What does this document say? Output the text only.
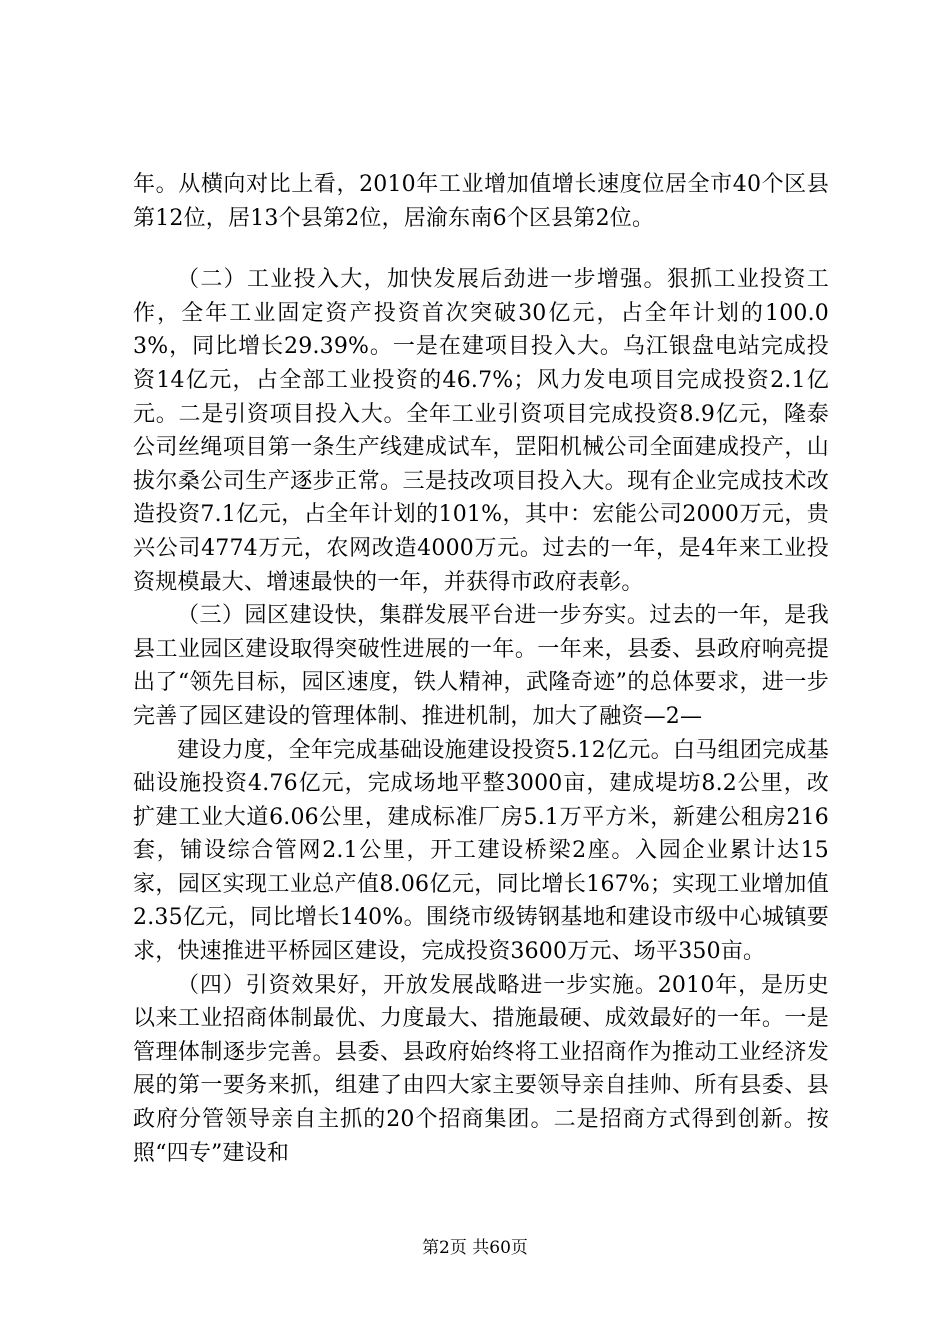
年。从横向对比上看，2010年工业增加值增长速度位居全市40个区县第12位，居13个县第2位，居渝东南6个区县第2位。

（二）工业投入大，加快发展后劲进一步增强。狠抓工业投资工作，全年工业固定资产投资首次突破30亿元，占全年计划的100.03%，同比增长29.39%。一是在建项目投入大。乌江银盘电站完成投资14亿元，占全部工业投资的46.7%；风力发电项目完成投资2.1亿元。二是引资项目投入大。全年工业引资项目完成投资8.9亿元，隆泰公司丝绳项目第一条生产线建成试车，罡阳机械公司全面建成投产，山拔尔桑公司生产逐步正常。三是技改项目投入大。现有企业完成技术改造投资7.1亿元，占全年计划的101%，其中：宏能公司2000万元，贵兴公司4774万元，农网改造4000万元。过去的一年，是4年来工业投资规模最大、增速最快的一年，并获得市政府表彰。

（三）园区建设快，集群发展平台进一步夯实。过去的一年，是我县工业园区建设取得突破性进展的一年。一年来，县委、县政府响亮提出了“领先目标，园区速度，铁人精神，武隆奇迹”的总体要求，进一步完善了园区建设的管理体制、推进机制，加大了融资—2—

建设力度，全年完成基础设施建设投资5.12亿元。白马组团完成基础设施投资4.76亿元，完成场地平整3000亩，建成堤坊8.2公里，改扩建工业大道6.06公里，建成标准厂房5.1万平方米，新建公租房216套，铺设综合管网2.1公里，开工建设桥梁2座。入园企业累计达15家，园区实现工业总产值8.06亿元，同比增长167%；实现工业增加值2.35亿元，同比增长140%。围绕市级铸钢基地和建设市级中心城镇要求，快速推进平桥园区建设，完成投资3600万元、场平350亩。

（四）引资效果好，开放发展战略进一步实施。2010年，是历史以来工业招商体制最优、力度最大、措施最硬、成效最好的一年。一是管理体制逐步完善。县委、县政府始终将工业招商作为推动工业经济发展的第一要务来抓，组建了由四大家主要领导亲自挂帅、所有县委、县政府分管领导亲自主抓的20个招商集团。二是招商方式得到创新。按照“四专”建设和

第2页 共60页
